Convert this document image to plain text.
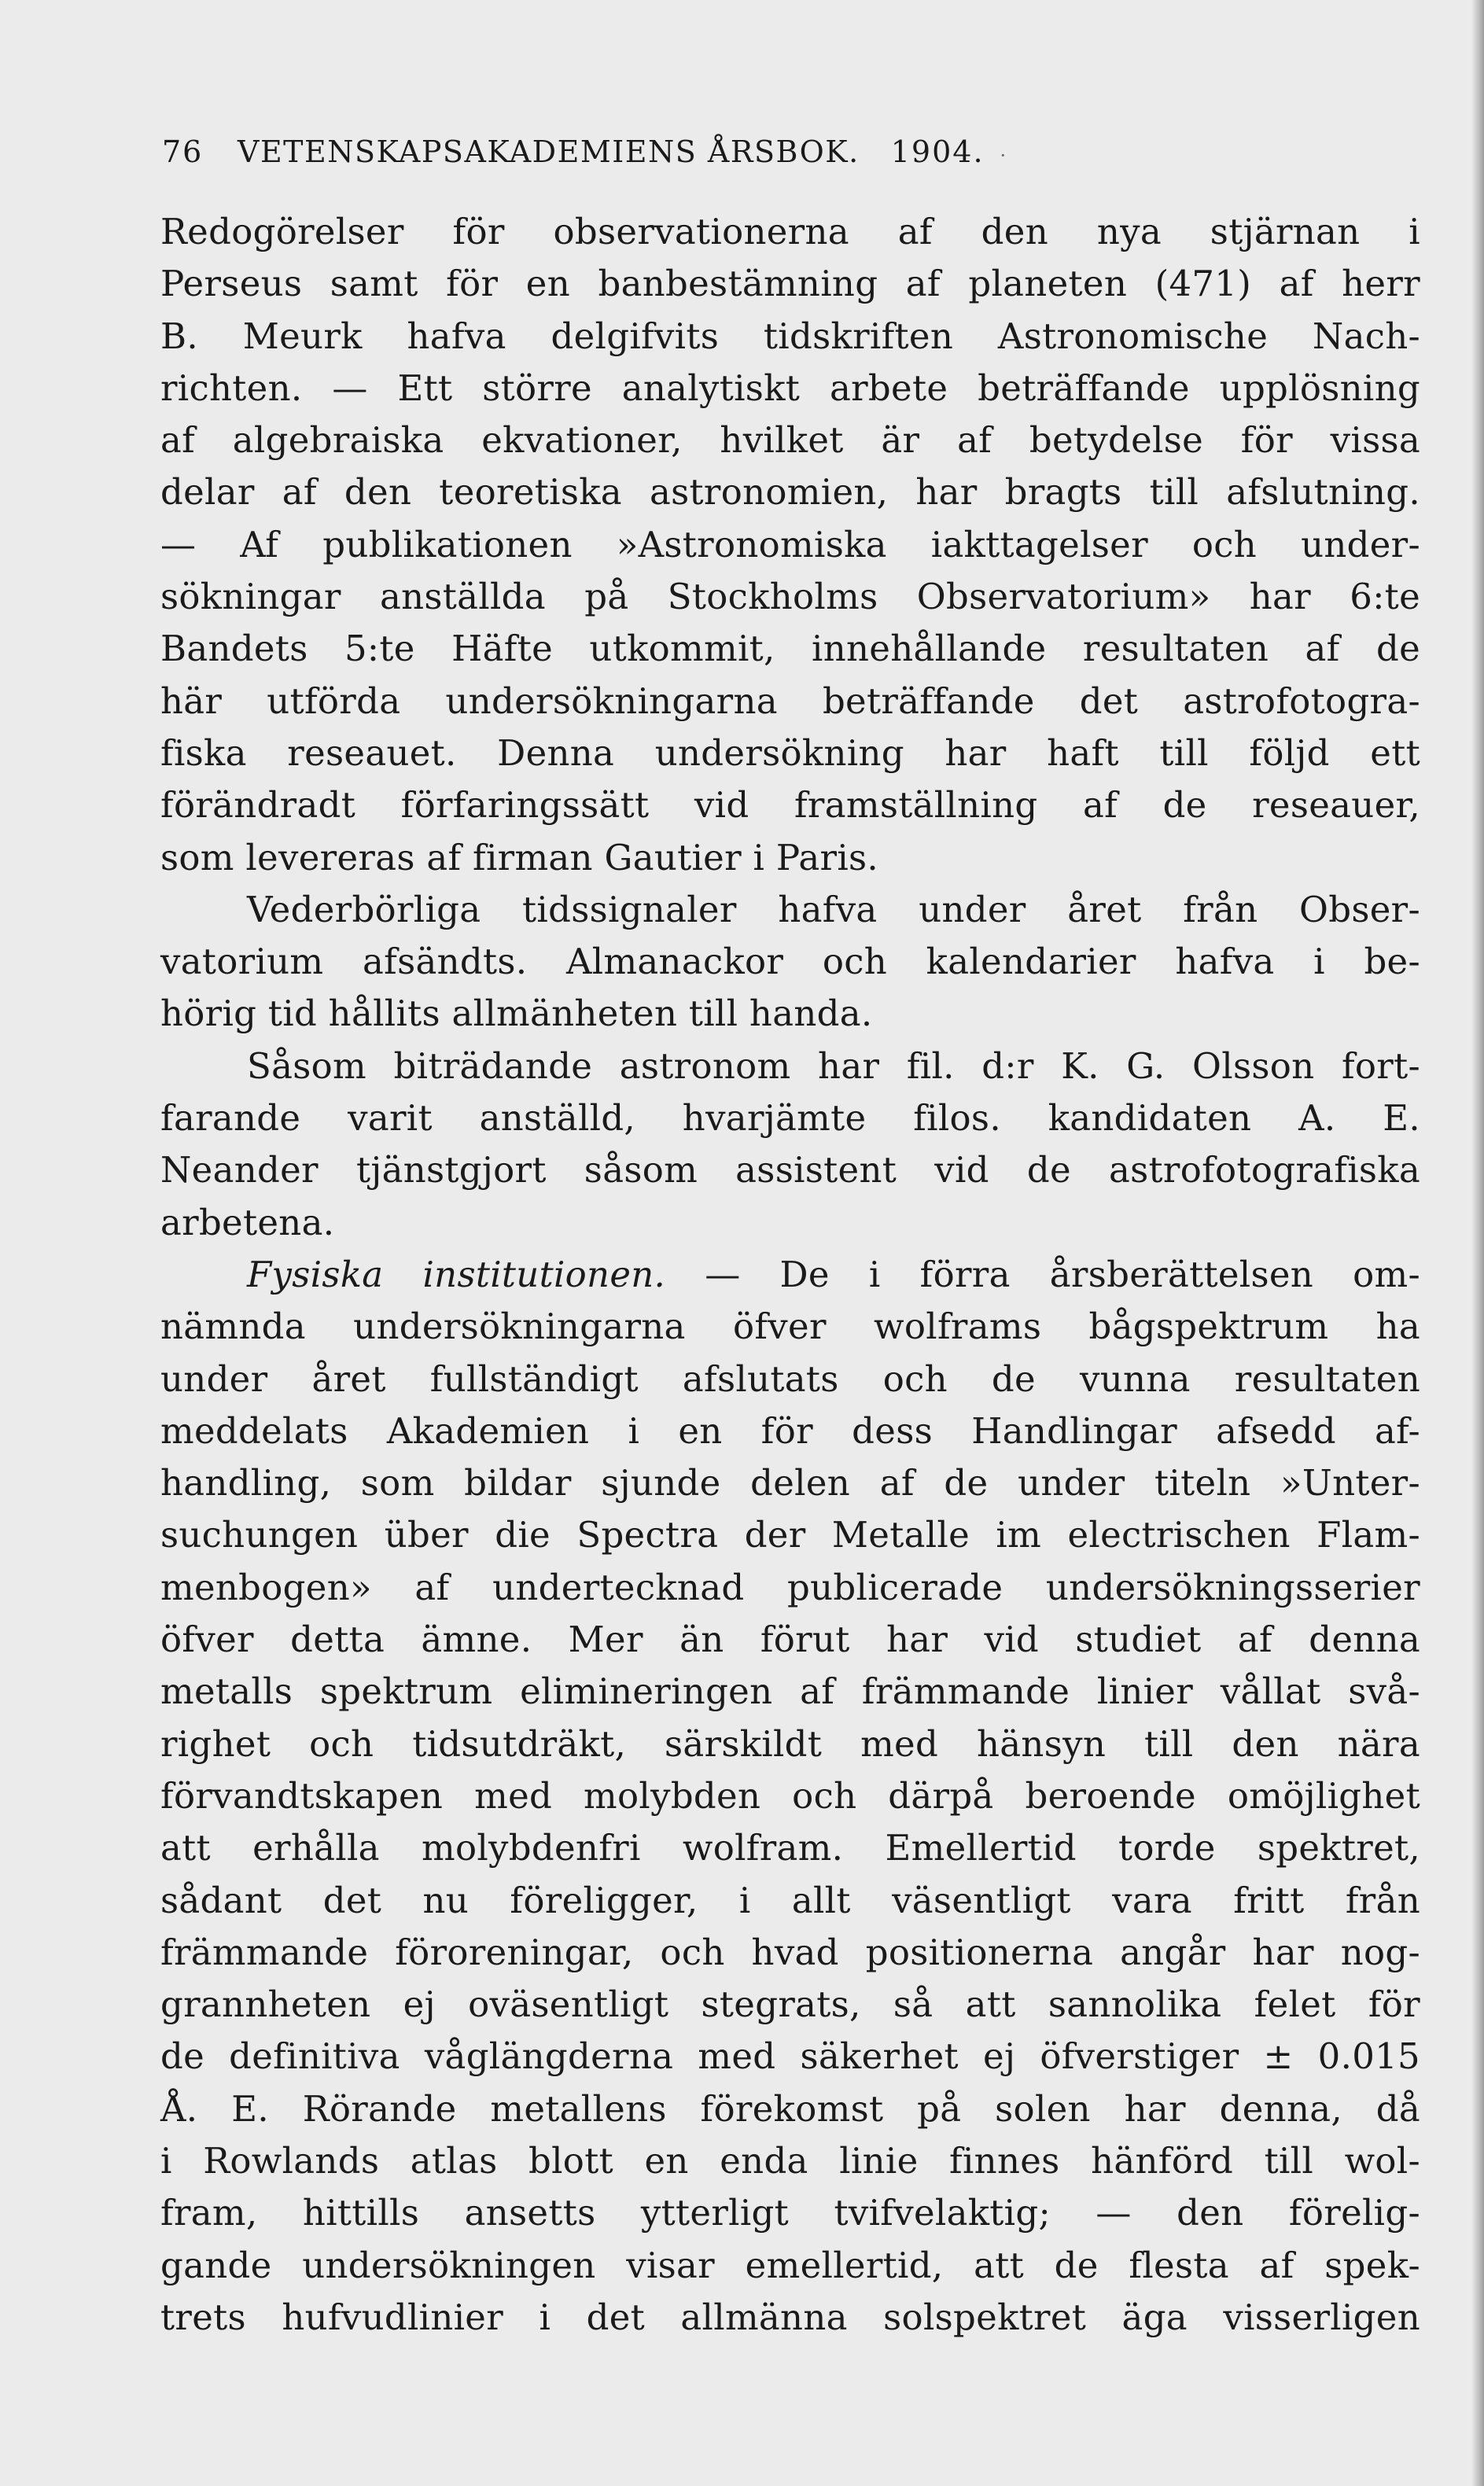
76 VETENSKAPSAKADEMIENS ÅRSBOK. 1904. ·
Redogörelser för observationerna af den nya stjärnan i
Perseus samt för en banbestämning af planeten (471) af herr
B. Meurk hafva delgifvits tidskriften Astronomische Nach-
richten. — Ett större analytiskt arbete beträffande upplösning
af algebraiska ekvationer, hvilket är af betydelse för vissa
delar af den teoretiska astronomien, har bragts till afslutning.
— Af publikationen »Astronomiska iakttagelser och under-
sökningar anställda på Stockholms Observatorium» har 6:te
Bandets 5:te Häfte utkommit, innehållande resultaten af de
här utförda undersökningarna beträffande det astrofotogra-
fiska reseauet. Denna undersökning har haft till följd ett
förändradt förfaringssätt vid framställning af de reseauer,
som levereras af firman Gautier i Paris.
Vederbörliga tidssignaler hafva under året från Obser-
vatorium afsändts. Almanackor och kalendarier hafva i be-
hörig tid hållits allmänheten till handa.
Såsom biträdande astronom har fil. d:r K. G. Olsson fort-
farande varit anställd, hvarjämte filos. kandidaten A. E.
Neander tjänstgjort såsom assistent vid de astrofotografiska
arbetena.
Fysiska institutionen. — De i förra årsberättelsen om-
nämnda undersökningarna öfver wolframs bågspektrum ha
under året fullständigt afslutats och de vunna resultaten
meddelats Akademien i en för dess Handlingar afsedd af-
handling, som bildar sjunde delen af de under titeln »Unter-
suchungen über die Spectra der Metalle im electrischen Flam-
menbogen» af undertecknad publicerade undersökningsserier
öfver detta ämne. Mer än förut har vid studiet af denna
metalls spektrum elimineringen af främmande linier vållat svå-
righet och tidsutdräkt, särskildt med hänsyn till den nära
förvandtskapen med molybden och därpå beroende omöjlighet
att erhålla molybdenfri wolfram. Emellertid torde spektret,
sådant det nu föreligger, i allt väsentligt vara fritt från
främmande föroreningar, och hvad positionerna angår har nog-
grannheten ej oväsentligt stegrats, så att sannolika felet för
de definitiva våglängderna med säkerhet ej öfverstiger ± 0.015
Å. E. Rörande metallens förekomst på solen har denna, då
i Rowlands atlas blott en enda linie finnes hänförd till wol-
fram, hittills ansetts ytterligt tvifvelaktig; — den förelig-
gande undersökningen visar emellertid, att de flesta af spek-
trets hufvudlinier i det allmänna solspektret äga visserligen
